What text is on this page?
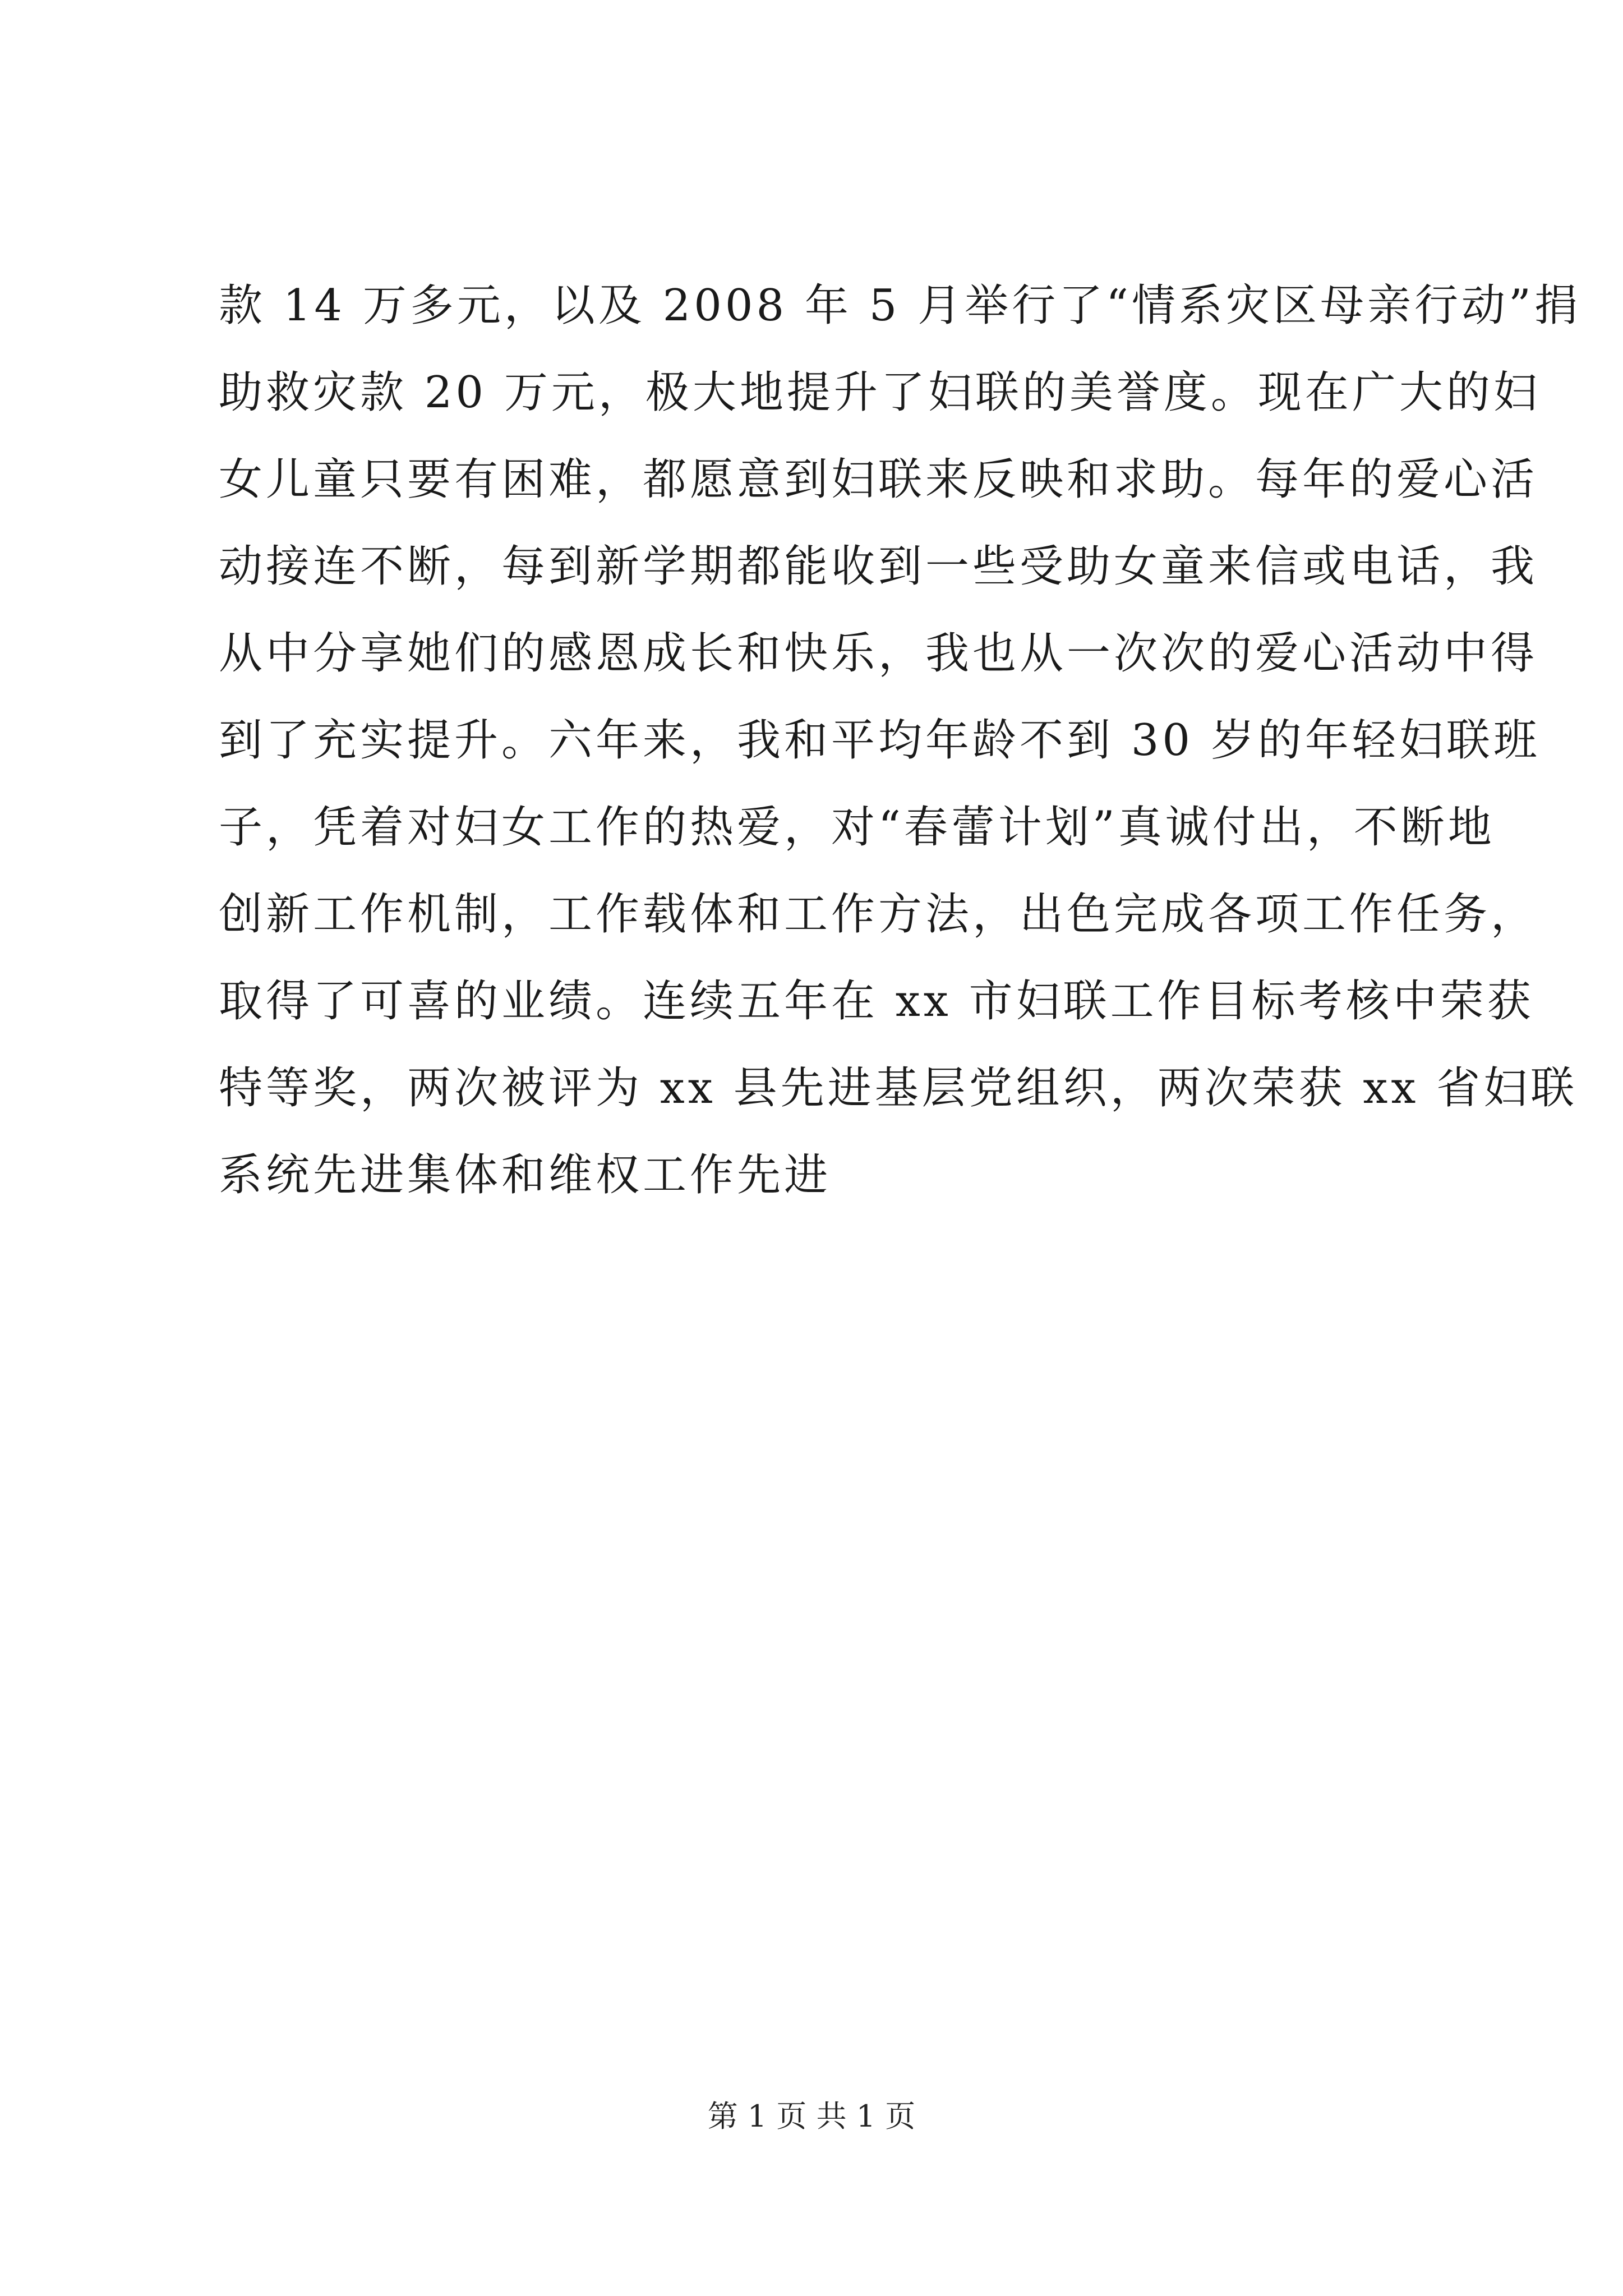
款 14 万多元，以及 2008 年 5 月举行了“情系灾区母亲行动”捐
助救灾款 20 万元，极大地提升了妇联的美誉度。现在广大的妇
女儿童只要有困难，都愿意到妇联来反映和求助。每年的爱心活
动接连不断，每到新学期都能收到一些受助女童来信或电话，我
从中分享她们的感恩成长和快乐，我也从一次次的爱心活动中得
到了充实提升。六年来，我和平均年龄不到 30 岁的年轻妇联班
子，凭着对妇女工作的热爱，对“春蕾计划”真诚付出，不断地
创新工作机制，工作载体和工作方法，出色完成各项工作任务，
取得了可喜的业绩。连续五年在 xx 市妇联工作目标考核中荣获
特等奖，两次被评为 xx 县先进基层党组织，两次荣获 xx 省妇联
系统先进集体和维权工作先进
第 1 页 共 1 页
